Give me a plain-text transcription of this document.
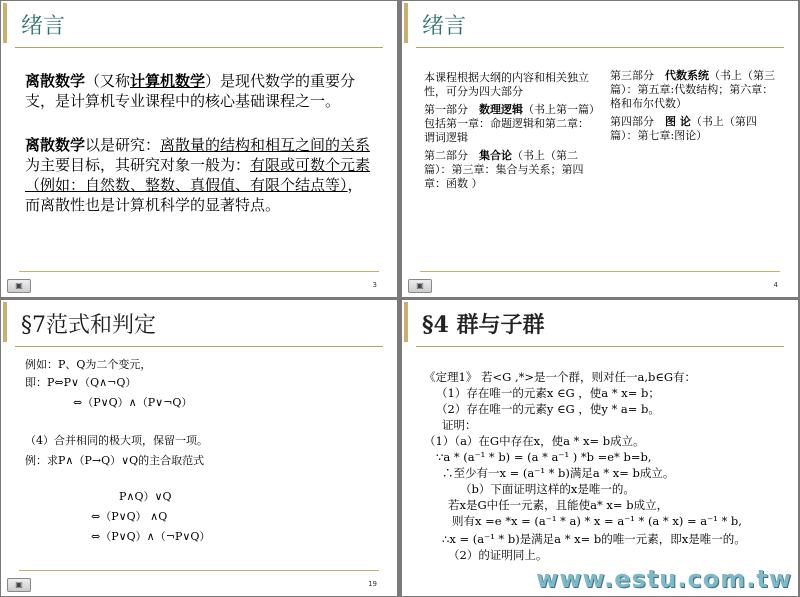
绪言

离散数学（又称计算机数学）是现代数学的重要分支，是计算机专业课程中的核心基础课程之一。

离散数学以是研究：离散量的结构和相互之间的关系为主要目标，其研究对象一般为：有限或可数个元素（例如：自然数、整数、真假值、有限个结点等），而离散性也是计算机科学的显著特点。

▣	3
绪言
本课程根据大纲的内容和相关独立性，可分为四大部分
第一部分　 数理逻辑（书上第一篇）包括第一章：命题逻辑和第二章：谓词逻辑
第二部分　 集合论（书上（第二篇）：第三章：集合与关系；第四章：函数 ）
第三部分　 代数系统（书上（第三篇）：第五章:代数结构；第六章：格和布尔代数）
第四部分　 图 论（书上（第四篇）：第七章:图论）
▣	4
§7范式和判定
例如：P、Q为二个变元，
即：P⇔P∨（Q∧¬Q）
⇔（P∨Q）∧（P∨¬Q）
（4）合并相同的极大项，保留一项。
例：求P∧（P→Q）∨Q的主合取范式
P∧Q）∨Q
⇔（P∨Q） ∧Q
⇔（P∨Q）∧（¬P∨Q）
▣	19
§4 群与子群
《定理1》 若<G ,*>是一个群，则对任一a,b∈G有：
（1）存在唯一的元素x ∈G ，使a * x= b；
（2）存在唯一的元素y ∈G ，使y * a= b。
证明：
（1）（a）在G中存在x，使a * x= b成立。
∵a * (a⁻¹ * b) = (a * a⁻¹ ) *b =e* b=b,
∴至少有一x = (a⁻¹ * b)满足a * x= b成立。
（b）下面证明这样的x是唯一的。
若x是G中任一元素，且能使a* x= b成立，
则有x =e *x = (a⁻¹ * a) * x = a⁻¹ * (a * x) = a⁻¹ * b,
∴x = (a⁻¹ * b)是满足a * x= b的唯一元素，即x是唯一的。
（2）的证明同上。
www.estu.com.tw
